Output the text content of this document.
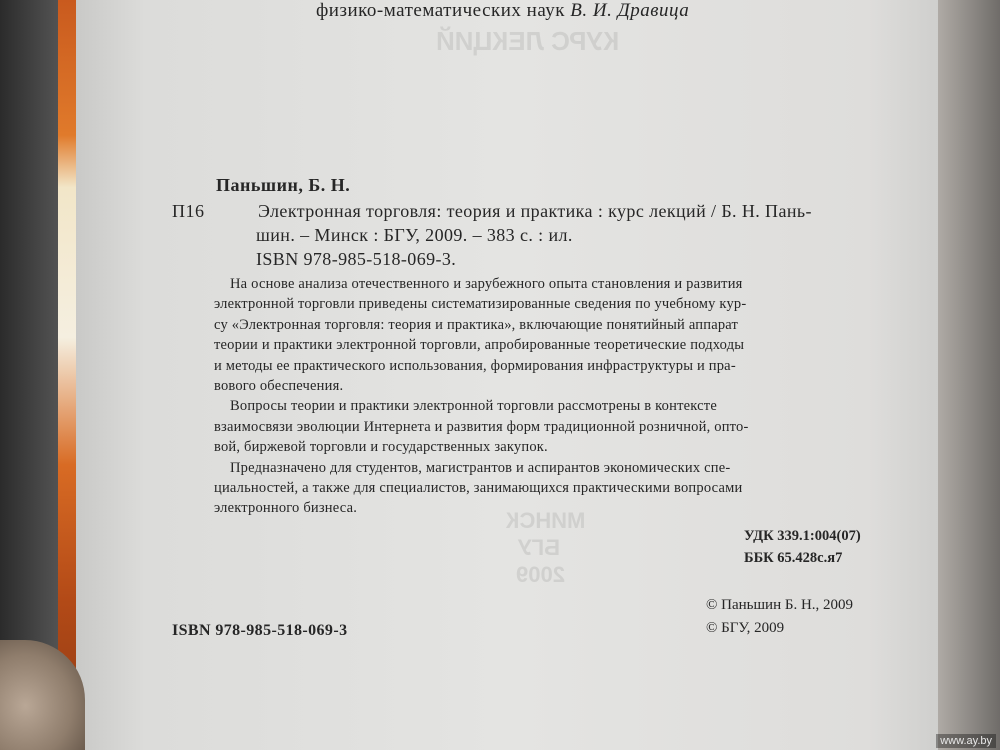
КУРС ЛЕКЦИЙ
МИНСК
БГУ
2009
физико-математических наук В. И. Дравица
Паньшин, Б. Н.
П16	Электронная торговля: теория и практика : курс лекций / Б. Н. Пань-
шин. – Минск : БГУ, 2009. – 383 с. : ил.
ISBN 978-985-518-069-3.
На основе анализа отечественного и зарубежного опыта становления и развития
электронной торговли приведены систематизированные сведения по учебному кур-
су «Электронная торговля: теория и практика», включающие понятийный аппарат
теории и практики электронной торговли, апробированные теоретические подходы
и методы ее практического использования, формирования инфраструктуры и пра-
вового обеспечения.
Вопросы теории и практики электронной торговли рассмотрены в контексте
взаимосвязи эволюции Интернета и развития форм традиционной розничной, опто-
вой, биржевой торговли и государственных закупок.
Предназначено для студентов, магистрантов и аспирантов экономических спе-
циальностей, а также для специалистов, занимающихся практическими вопросами
электронного бизнеса.
УДК 339.1:004(07)
ББК 65.428с.я7
© Паньшин Б. Н., 2009
© БГУ, 2009
ISBN 978-985-518-069-3
www.ay.by
